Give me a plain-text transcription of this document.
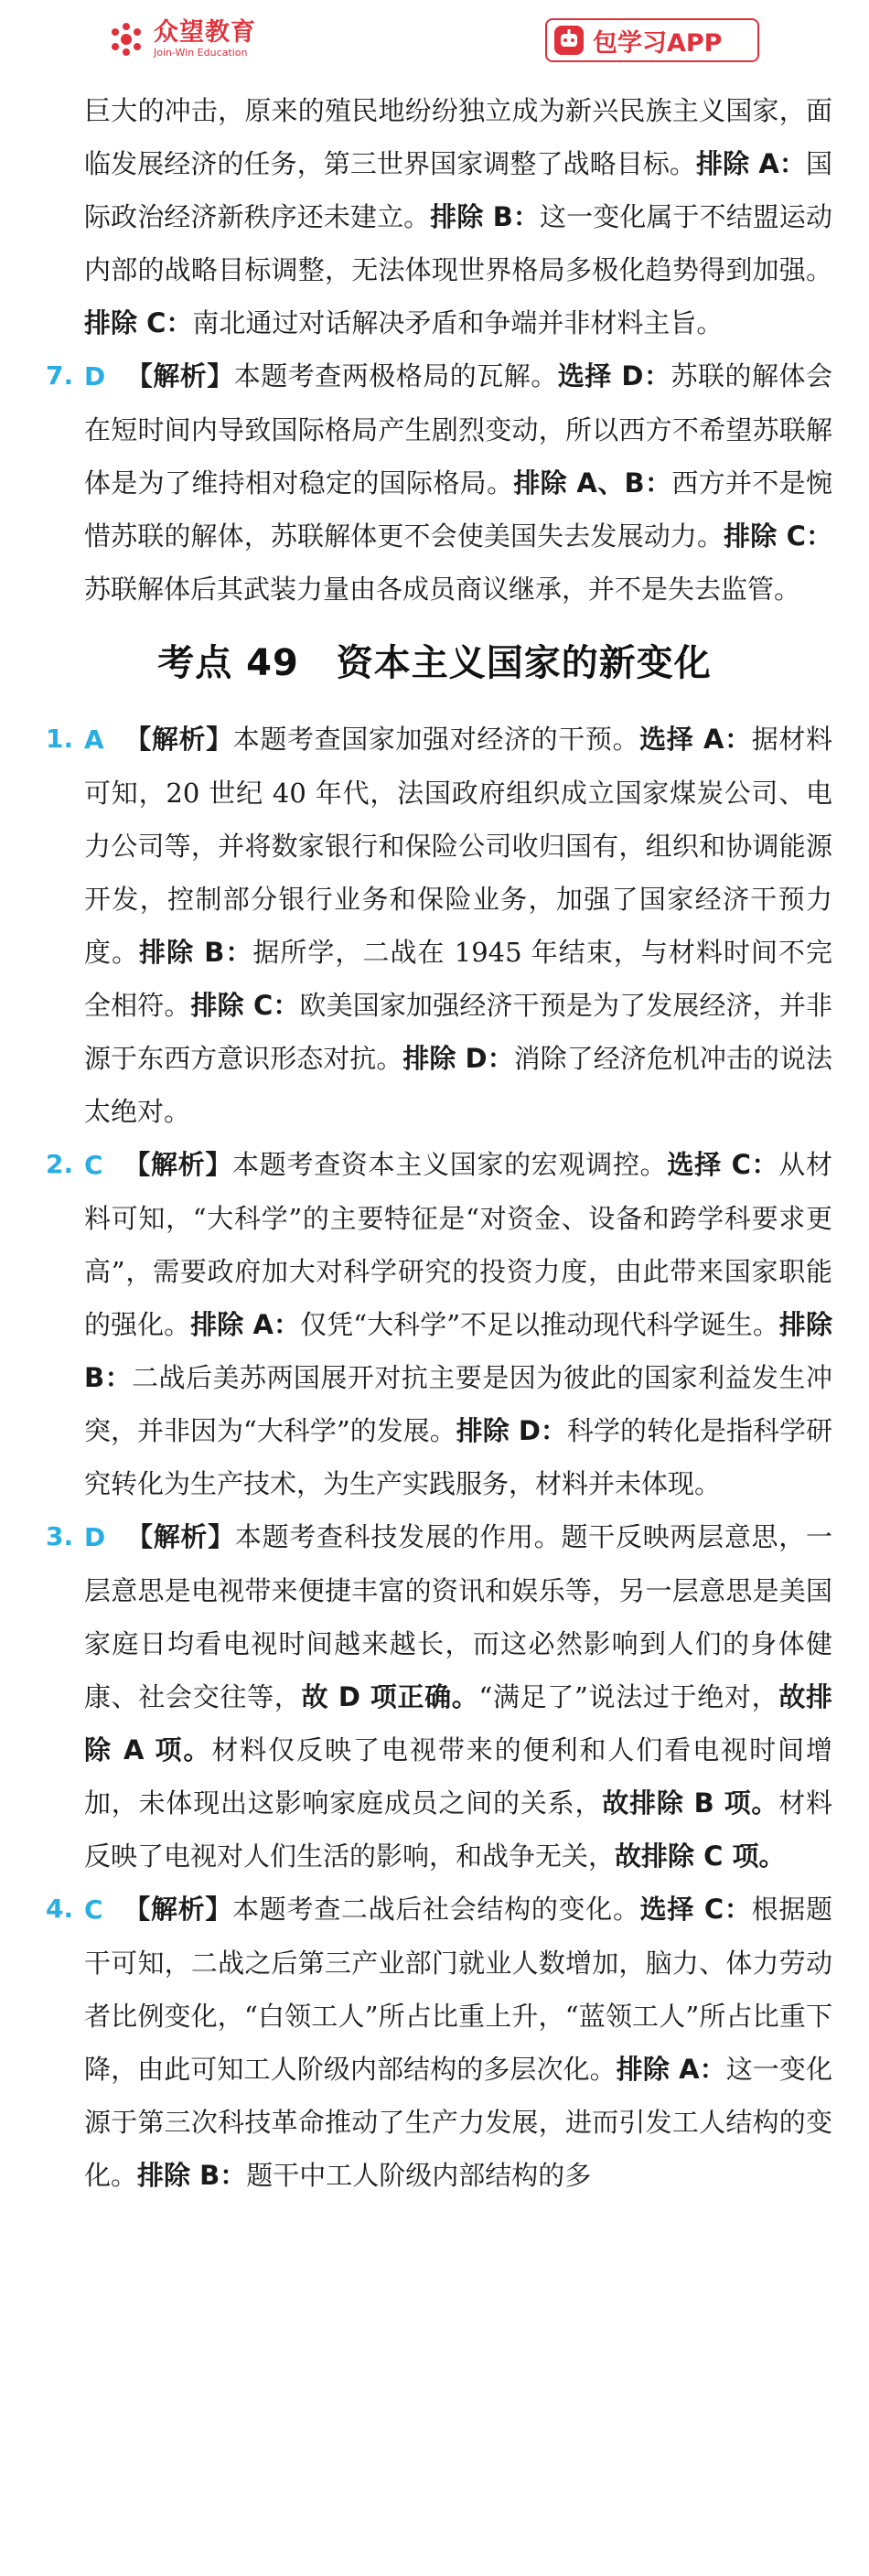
众望教育
Join-Win Education	包学习APP
巨大的冲击，原来的殖民地纷纷独立成为新兴民族主义国家，面临发展经济的任务，第三世界国家调整了战略目标。排除 A：国际政治经济新秩序还未建立。排除 B：这一变化属于不结盟运动内部的战略目标调整，无法体现世界格局多极化趋势得到加强。排除 C：南北通过对话解决矛盾和争端并非材料主旨。
7. D 【解析】本题考查两极格局的瓦解。选择 D：苏联的解体会在短时间内导致国际格局产生剧烈变动，所以西方不希望苏联解体是为了维持相对稳定的国际格局。排除 A、B：西方并不是惋惜苏联的解体，苏联解体更不会使美国失去发展动力。排除 C：苏联解体后其武装力量由各成员商议继承，并不是失去监管。
考点 49　资本主义国家的新变化
1. A 【解析】本题考查国家加强对经济的干预。选择 A：据材料可知，20 世纪 40 年代，法国政府组织成立国家煤炭公司、电力公司等，并将数家银行和保险公司收归国有，组织和协调能源开发，控制部分银行业务和保险业务，加强了国家经济干预力度。排除 B：据所学，二战在 1945 年结束，与材料时间不完全相符。排除 C：欧美国家加强经济干预是为了发展经济，并非源于东西方意识形态对抗。排除 D：消除了经济危机冲击的说法太绝对。
2. C 【解析】本题考查资本主义国家的宏观调控。选择 C：从材料可知，“大科学”的主要特征是“对资金、设备和跨学科要求更高”，需要政府加大对科学研究的投资力度，由此带来国家职能的强化。排除 A：仅凭“大科学”不足以推动现代科学诞生。排除 B：二战后美苏两国展开对抗主要是因为彼此的国家利益发生冲突，并非因为“大科学”的发展。排除 D：科学的转化是指科学研究转化为生产技术，为生产实践服务，材料并未体现。
3. D 【解析】本题考查科技发展的作用。题干反映两层意思，一层意思是电视带来便捷丰富的资讯和娱乐等，另一层意思是美国家庭日均看电视时间越来越长，而这必然影响到人们的身体健康、社会交往等，故 D 项正确。“满足了”说法过于绝对，故排除 A 项。材料仅反映了电视带来的便利和人们看电视时间增加，未体现出这影响家庭成员之间的关系，故排除 B 项。材料反映了电视对人们生活的影响，和战争无关，故排除 C 项。
4. C 【解析】本题考查二战后社会结构的变化。选择 C：根据题干可知，二战之后第三产业部门就业人数增加，脑力、体力劳动者比例变化，“白领工人”所占比重上升，“蓝领工人”所占比重下降，由此可知工人阶级内部结构的多层次化。排除 A：这一变化源于第三次科技革命推动了生产力发展，进而引发工人结构的变化。排除 B：题干中工人阶级内部结构的多
